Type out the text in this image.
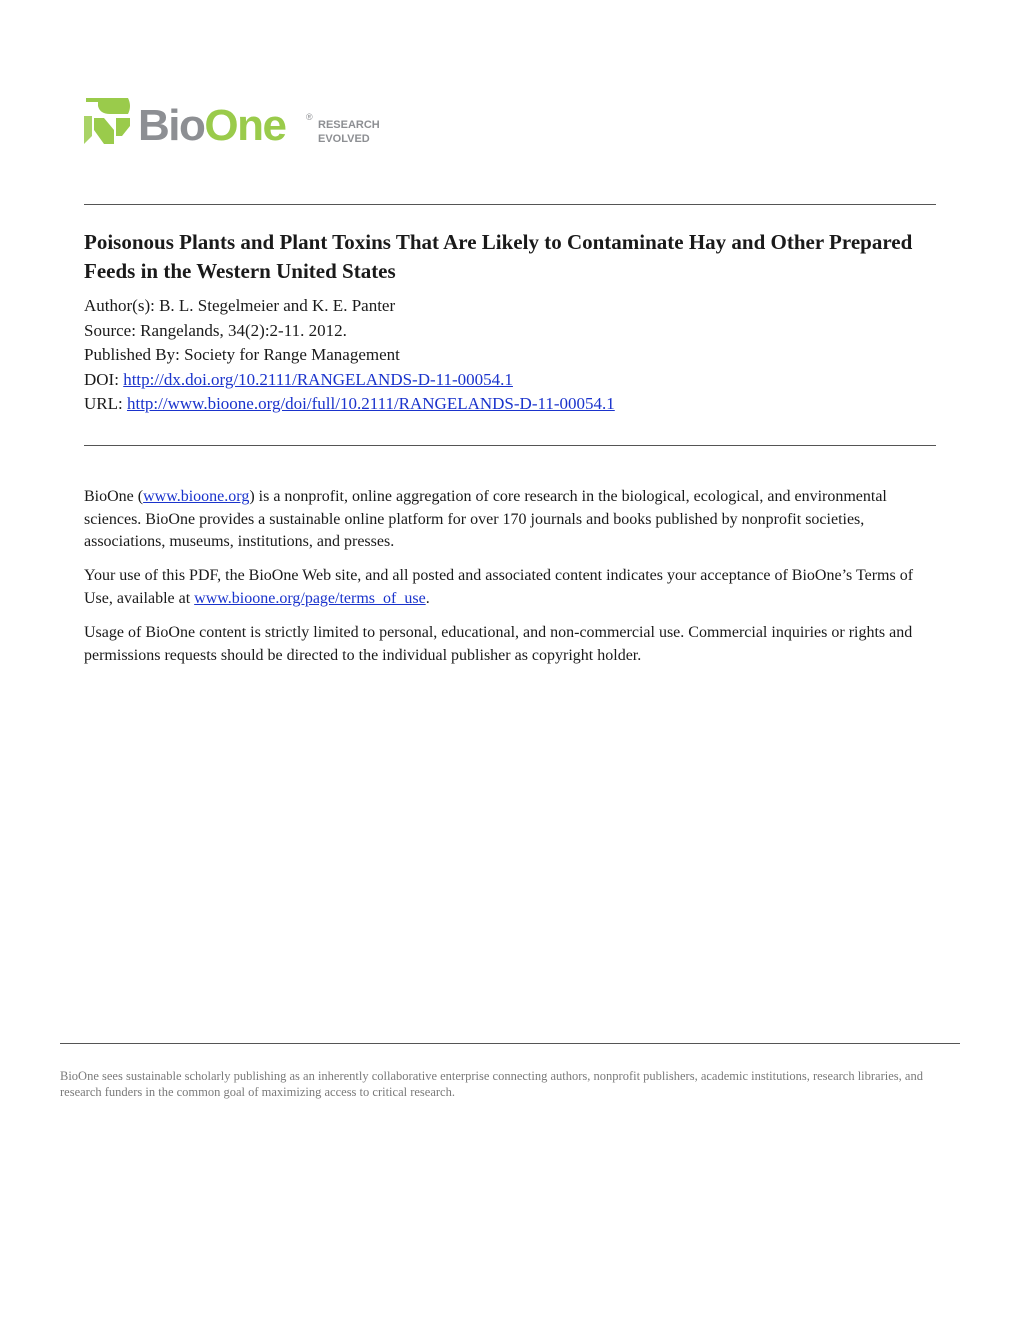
BioOne ®
RESEARCH
EVOLVED
Poisonous Plants and Plant Toxins That Are Likely to Contaminate Hay and Other Prepared Feeds in the Western United States
Author(s): B. L. Stegelmeier and K. E. Panter
Source: Rangelands, 34(2):2-11. 2012.
Published By: Society for Range Management
DOI: http://dx.doi.org/10.2111/RANGELANDS-D-11-00054.1
URL: http://www.bioone.org/doi/full/10.2111/RANGELANDS-D-11-00054.1

BioOne (www.bioone.org) is a nonprofit, online aggregation of core research in the biological, ecological, and environmental sciences. BioOne provides a sustainable online platform for over 170 journals and books published by nonprofit societies, associations, museums, institutions, and presses.

Your use of this PDF, the BioOne Web site, and all posted and associated content indicates your acceptance of BioOne’s Terms of Use, available at www.bioone.org/page/terms_of_use.

Usage of BioOne content is strictly limited to personal, educational, and non-commercial use. Commercial inquiries or rights and permissions requests should be directed to the individual publisher as copyright holder.

BioOne sees sustainable scholarly publishing as an inherently collaborative enterprise connecting authors, nonprofit publishers, academic institutions, research libraries, and research funders in the common goal of maximizing access to critical research.
